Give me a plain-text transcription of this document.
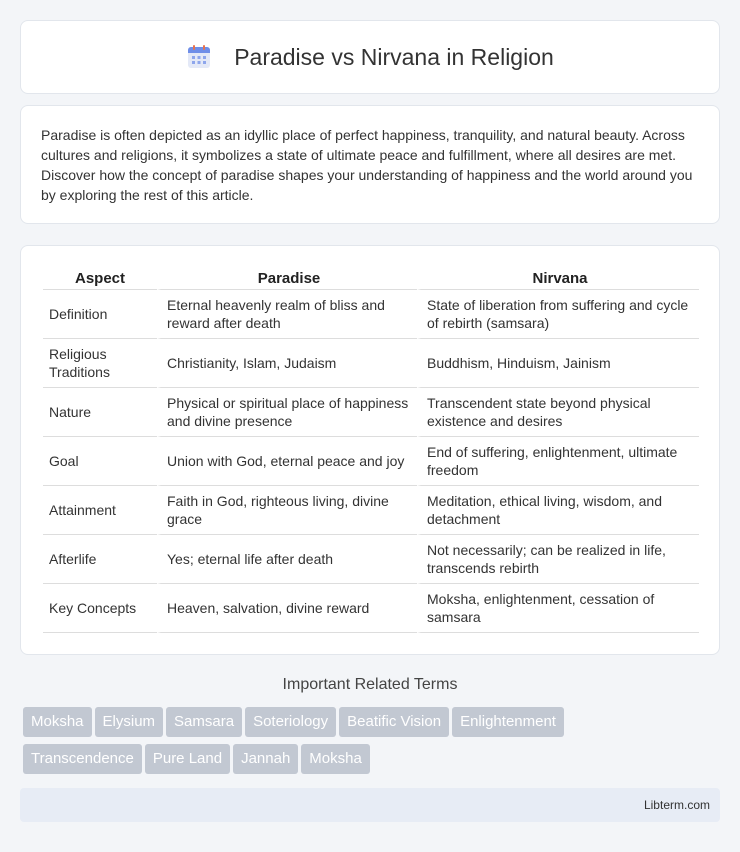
Paradise vs Nirvana in Religion

Paradise is often depicted as an idyllic place of perfect happiness, tranquility, and natural beauty. Across cultures and religions, it symbolizes a state of ultimate peace and fulfillment, where all desires are met. Discover how the concept of paradise shapes your understanding of happiness and the world around you by exploring the rest of this article.

Aspect	Paradise	Nirvana
Definition	Eternal heavenly realm of bliss and reward after death	State of liberation from suffering and cycle of rebirth (samsara)
Religious Traditions	Christianity, Islam, Judaism	Buddhism, Hinduism, Jainism
Nature	Physical or spiritual place of happiness and divine presence	Transcendent state beyond physical existence and desires
Goal	Union with God, eternal peace and joy	End of suffering, enlightenment, ultimate freedom
Attainment	Faith in God, righteous living, divine grace	Meditation, ethical living, wisdom, and detachment
Afterlife	Yes; eternal life after death	Not necessarily; can be realized in life, transcends rebirth
Key Concepts	Heaven, salvation, divine reward	Moksha, enlightenment, cessation of samsara
Important Related Terms
Moksha Elysium Samsara Soteriology Beatific Vision Enlightenment
Transcendence Pure Land Jannah Moksha
Libterm.com
